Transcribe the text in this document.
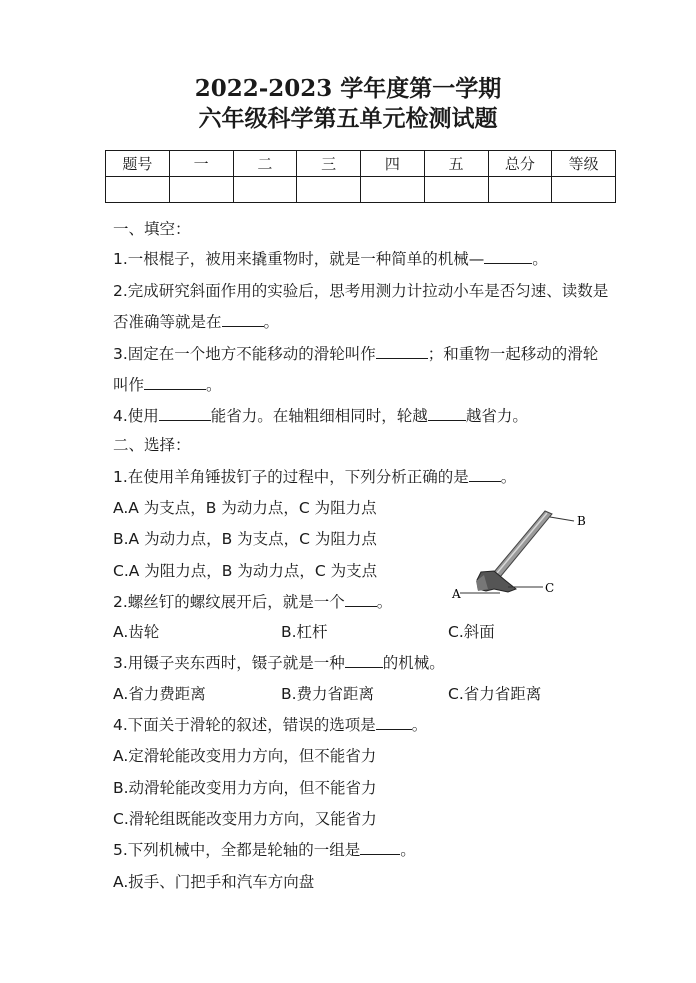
2022-2023 学年度第一学期
六年级科学第五单元检测试题
题号	一	二	三	四	五	总分	等级

一、填空：
1.一根棍子，被用来撬重物时，就是一种简单的机械—	。
2.完成研究斜面作用的实验后，思考用测力计拉动小车是否匀速、读数是
否准确等就是在	。
3.固定在一个地方不能移动的滑轮叫作	；和重物一起移动的滑轮
叫作	。
4.使用	能省力。在轴粗细相同时，轮越 越省力。
二、选择：
1.在使用羊角锤拔钉子的过程中，下列分析正确的是 。
A.A 为支点，B 为动力点，C 为阻力点
B.A 为动力点，B 为支点，C 为阻力点
C.A 为阻力点，B 为动力点，C 为支点
A
B
C
2.螺丝钉的螺纹展开后，就是一个 。
A.齿轮	B.杠杆	C.斜面
3.用镊子夹东西时，镊子就是一种 的机械。
A.省力费距离	B.费力省距离	C.省力省距离
4.下面关于滑轮的叙述，错误的选项是 。
A.定滑轮能改变用力方向，但不能省力
B.动滑轮能改变用力方向，但不能省力
C.滑轮组既能改变用力方向，又能省力
5.下列机械中，全都是轮轴的一组是	。
A.扳手、门把手和汽车方向盘
